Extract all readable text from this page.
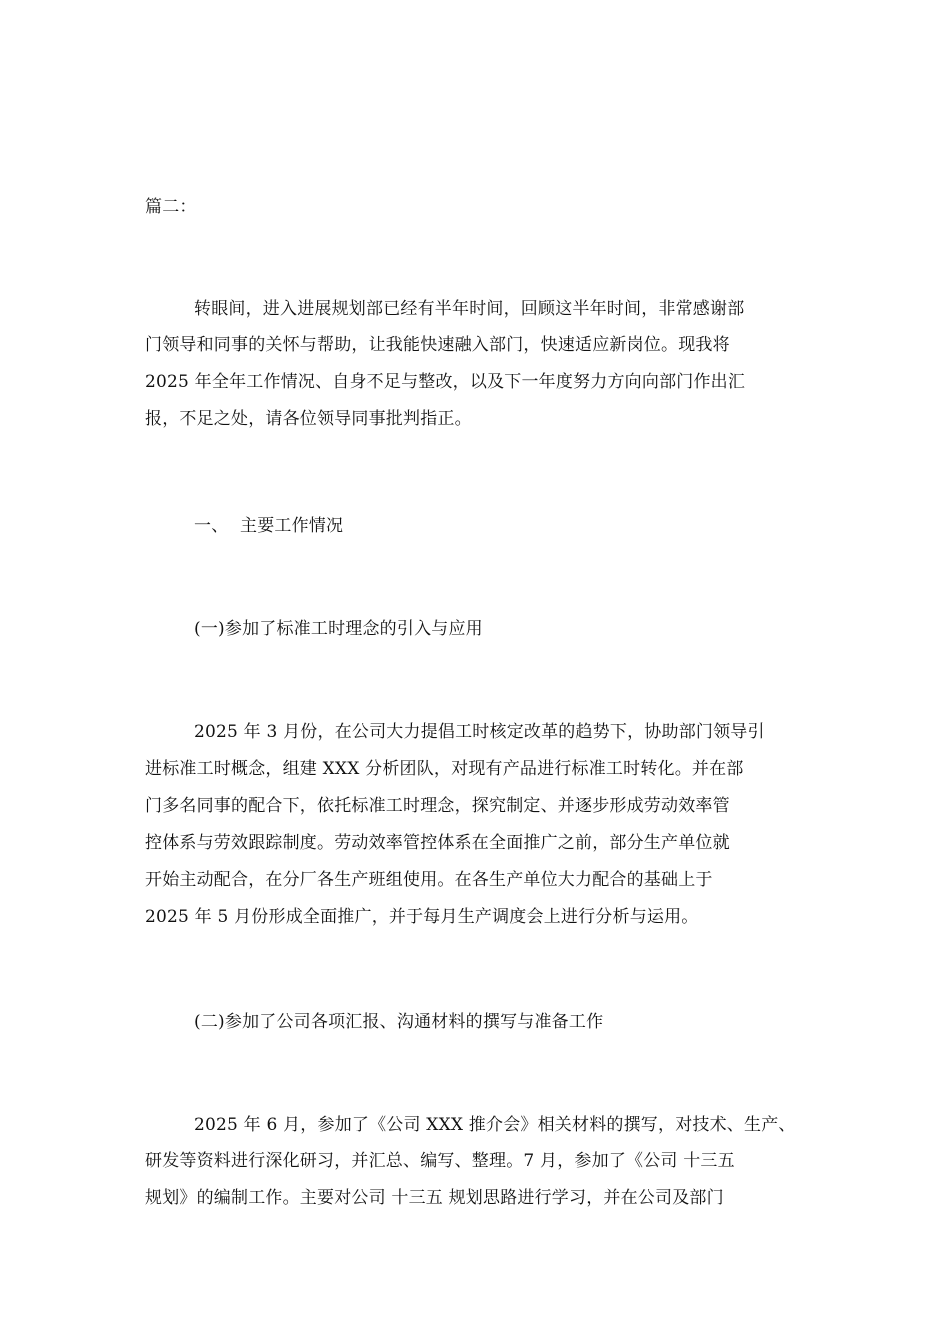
篇二：
转眼间，进入进展规划部已经有半年时间，回顾这半年时间，非常感谢部
门领导和同事的关怀与帮助，让我能快速融入部门，快速适应新岗位。现我将
2025 年全年工作情况、自身不足与整改，以及下一年度努力方向向部门作出汇
报，不足之处，请各位领导同事批判指正。
一、 主要工作情况
(一)参加了标准工时理念的引入与应用
2025 年 3 月份，在公司大力提倡工时核定改革的趋势下，协助部门领导引
进标准工时概念，组建 XXX 分析团队，对现有产品进行标准工时转化。并在部
门多名同事的配合下，依托标准工时理念，探究制定、并逐步形成劳动效率管
控体系与劳效跟踪制度。劳动效率管控体系在全面推广之前，部分生产单位就
开始主动配合，在分厂各生产班组使用。在各生产单位大力配合的基础上于
2025 年 5 月份形成全面推广，并于每月生产调度会上进行分析与运用。
(二)参加了公司各项汇报、沟通材料的撰写与准备工作
2025 年 6 月，参加了《公司 XXX 推介会》相关材料的撰写，对技术、生产、
研发等资料进行深化研习，并汇总、编写、整理。7 月，参加了《公司 十三五
规划》的编制工作。主要对公司 十三五 规划思路进行学习，并在公司及部门
